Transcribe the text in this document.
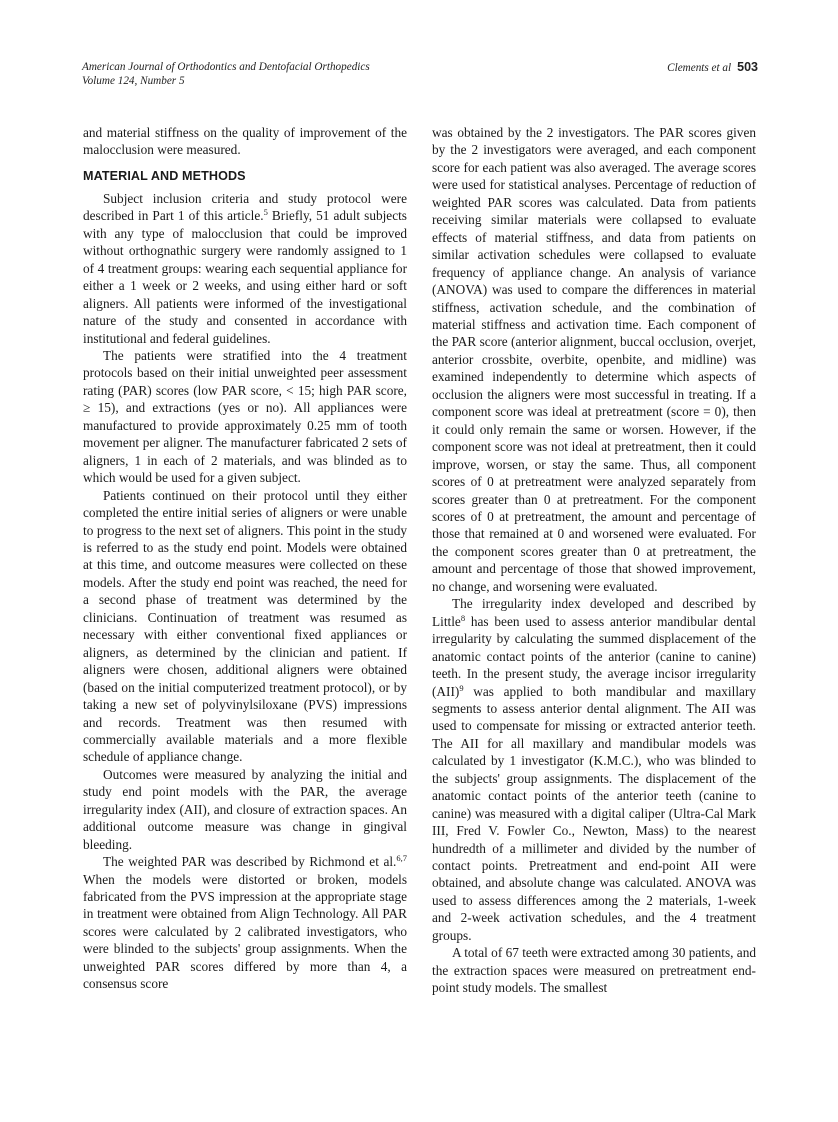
American Journal of Orthodontics and Dentofacial Orthopedics
Volume 124, Number 5
Clements et al 503

and material stiffness on the quality of improvement of the malocclusion were measured.

MATERIAL AND METHODS

Subject inclusion criteria and study protocol were described in Part 1 of this article.$^5$ Briefly, 51 adult subjects with any type of malocclusion that could be improved without orthognathic surgery were randomly assigned to 1 of 4 treatment groups: wearing each sequential appliance for either a 1 week or 2 weeks, and using either hard or soft aligners. All patients were informed of the investigational nature of the study and consented in accordance with institutional and federal guidelines.

The patients were stratified into the 4 treatment protocols based on their initial unweighted peer assessment rating (PAR) scores (low PAR score, < 15; high PAR score, ≥ 15), and extractions (yes or no). All appliances were manufactured to provide approximately 0.25 mm of tooth movement per aligner. The manufacturer fabricated 2 sets of aligners, 1 in each of 2 materials, and was blinded as to which would be used for a given subject.

Patients continued on their protocol until they either completed the entire initial series of aligners or were unable to progress to the next set of aligners. This point in the study is referred to as the study end point. Models were obtained at this time, and outcome measures were collected on these models. After the study end point was reached, the need for a second phase of treatment was determined by the clinicians. Continuation of treatment was resumed as necessary with either conventional fixed appliances or aligners, as determined by the clinician and patient. If aligners were chosen, additional aligners were obtained (based on the initial computerized treatment protocol), or by taking a new set of polyvinylsiloxane (PVS) impressions and records. Treatment was then resumed with commercially available materials and a more flexible schedule of appliance change.

Outcomes were measured by analyzing the initial and study end point models with the PAR, the average irregularity index (AII), and closure of extraction spaces. An additional outcome measure was change in gingival bleeding.

The weighted PAR was described by Richmond et al.$^{6,7}$ When the models were distorted or broken, models fabricated from the PVS impression at the appropriate stage in treatment were obtained from Align Technology. All PAR scores were calculated by 2 calibrated investigators, who were blinded to the subjects' group assignments. When the unweighted PAR scores differed by more than 4, a consensus score

was obtained by the 2 investigators. The PAR scores given by the 2 investigators were averaged, and each component score for each patient was also averaged. The average scores were used for statistical analyses. Percentage of reduction of weighted PAR scores was calculated. Data from patients receiving similar materials were collapsed to evaluate effects of material stiffness, and data from patients on similar activation schedules were collapsed to evaluate frequency of appliance change. An analysis of variance (ANOVA) was used to compare the differences in material stiffness, activation schedule, and the combination of material stiffness and activation time. Each component of the PAR score (anterior alignment, buccal occlusion, overjet, anterior crossbite, overbite, openbite, and midline) was examined independently to determine which aspects of occlusion the aligners were most successful in treating. If a component score was ideal at pretreatment (score = 0), then it could only remain the same or worsen. However, if the component score was not ideal at pretreatment, then it could improve, worsen, or stay the same. Thus, all component scores of 0 at pretreatment were analyzed separately from scores greater than 0 at pretreatment. For the component scores of 0 at pretreatment, the amount and percentage of those that remained at 0 and worsened were evaluated. For the component scores greater than 0 at pretreatment, the amount and percentage of those that showed improvement, no change, and worsening were evaluated.

The irregularity index developed and described by Little$^8$ has been used to assess anterior mandibular dental irregularity by calculating the summed displacement of the anatomic contact points of the anterior (canine to canine) teeth. In the present study, the average incisor irregularity (AII)$^9$ was applied to both mandibular and maxillary segments to assess anterior dental alignment. The AII was used to compensate for missing or extracted anterior teeth. The AII for all maxillary and mandibular models was calculated by 1 investigator (K.M.C.), who was blinded to the subjects' group assignments. The displacement of the anatomic contact points of the anterior teeth (canine to canine) was measured with a digital caliper (Ultra-Cal Mark III, Fred V. Fowler Co., Newton, Mass) to the nearest hundredth of a millimeter and divided by the number of contact points. Pretreatment and end-point AII were obtained, and absolute change was calculated. ANOVA was used to assess differences among the 2 materials, 1-week and 2-week activation schedules, and the 4 treatment groups.

A total of 67 teeth were extracted among 30 patients, and the extraction spaces were measured on pretreatment end-point study models. The smallest
